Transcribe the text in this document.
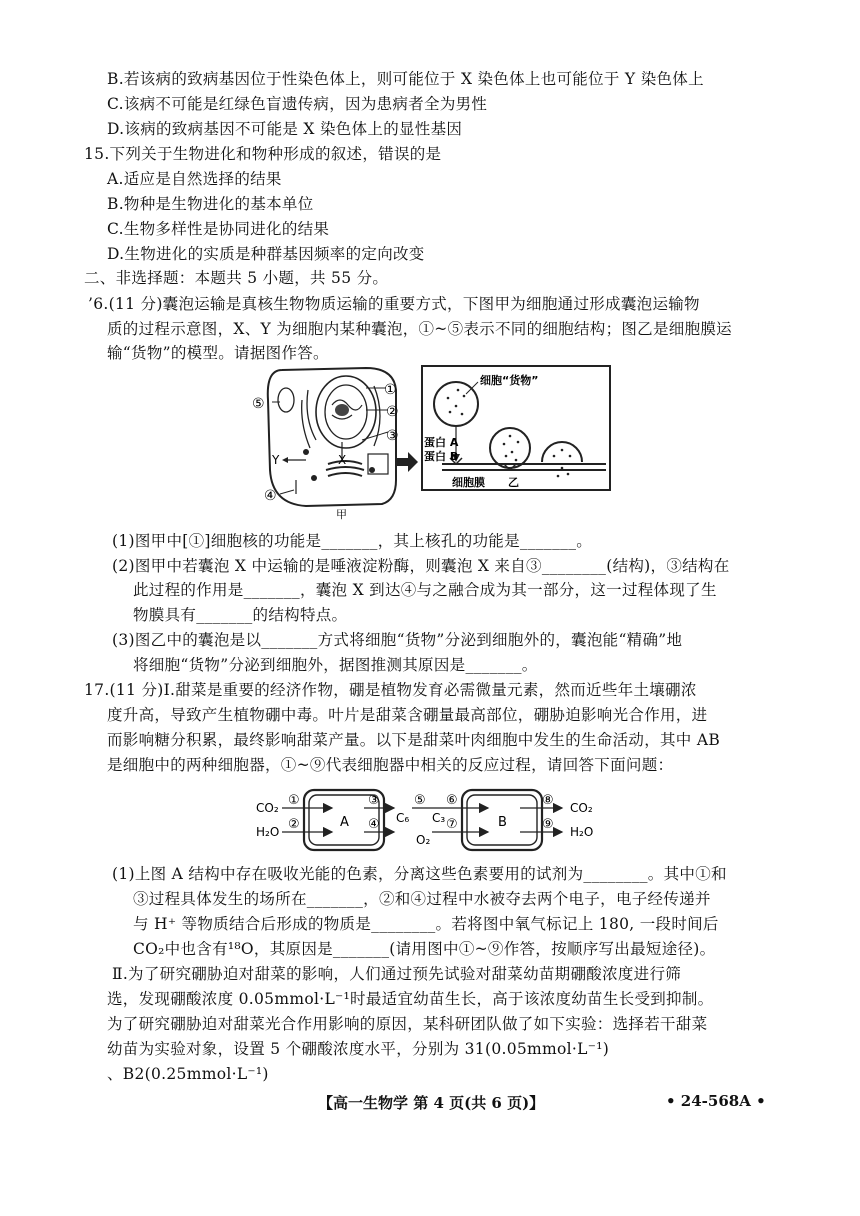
B.若该病的致病基因位于性染色体上，则可能位于 X 染色体上也可能位于 Y 染色体上
C.该病不可能是红绿色盲遗传病，因为患病者全为男性
D.该病的致病基因不可能是 X 染色体上的显性基因
15.下列关于生物进化和物种形成的叙述，错误的是
A.适应是自然选择的结果
B.物种是生物进化的基本单位
C.生物多样性是协同进化的结果
D.生物进化的实质是种群基因频率的定向改变
二、非选择题：本题共 5 小题，共 55 分。
’6.(11 分)囊泡运输是真核生物物质运输的重要方式，下图甲为细胞通过形成囊泡运输物
质的过程示意图，X、Y 为细胞内某种囊泡，①~⑤表示不同的细胞结构；图乙是细胞膜运
输“货物”的模型。请据图作答。
①
②
③
④
⑤
Y	X
甲
细胞“货物”
蛋白 A
蛋白 B
细胞膜 乙
(1)图甲中[①]细胞核的功能是_______，其上核孔的功能是_______。
(2)图甲中若囊泡 X 中运输的是唾液淀粉酶，则囊泡 X 来自③________(结构)，③结构在
此过程的作用是_______，囊泡 X 到达④与之融合成为其一部分，这一过程体现了生
物膜具有_______的结构特点。
(3)图乙中的囊泡是以_______方式将细胞“货物”分泌到细胞外的，囊泡能“精确”地
将细胞“货物”分泌到细胞外，据图推测其原因是_______。
17.(11 分)Ⅰ.甜菜是重要的经济作物，硼是植物发育必需微量元素，然而近些年土壤硼浓
度升高，导致产生植物硼中毒。叶片是甜菜含硼量最高部位，硼胁迫影响光合作用，进
而影响糖分积累，最终影响甜菜产量。以下是甜菜叶肉细胞中发生的生命活动，其中 AB
是细胞中的两种细胞器，①~⑨代表细胞器中相关的反应过程，请回答下面问题：
CO₂
H₂O
A	B
C₆ C₃
O₂
CO₂
H₂O
①
②
③
④
⑤ ⑥
⑦
⑧
⑨
(1)上图 A 结构中存在吸收光能的色素，分离这些色素要用的试剂为________。其中①和
③过程具体发生的场所在_______，②和④过程中水被夺去两个电子，电子经传递并
与 H⁺ 等物质结合后形成的物质是________。若将图中氧气标记上 180, 一段时间后
CO₂中也含有¹⁸O，其原因是_______(请用图中①~⑨作答，按顺序写出最短途径)。
Ⅱ.为了研究硼胁迫对甜菜的影响，人们通过预先试验对甜菜幼苗期硼酸浓度进行筛
选，发现硼酸浓度 0.05mmol·L⁻¹时最适宜幼苗生长，高于该浓度幼苗生长受到抑制。
为了研究硼胁迫对甜菜光合作用影响的原因，某科研团队做了如下实验：选择若干甜菜
幼苗为实验对象，设置 5 个硼酸浓度水平，分别为 31(0.05mmol·L⁻¹)
、B2(0.25mmol·L⁻¹)
【高一生物学 第 4 页(共 6 页)】	• 24-568A •
